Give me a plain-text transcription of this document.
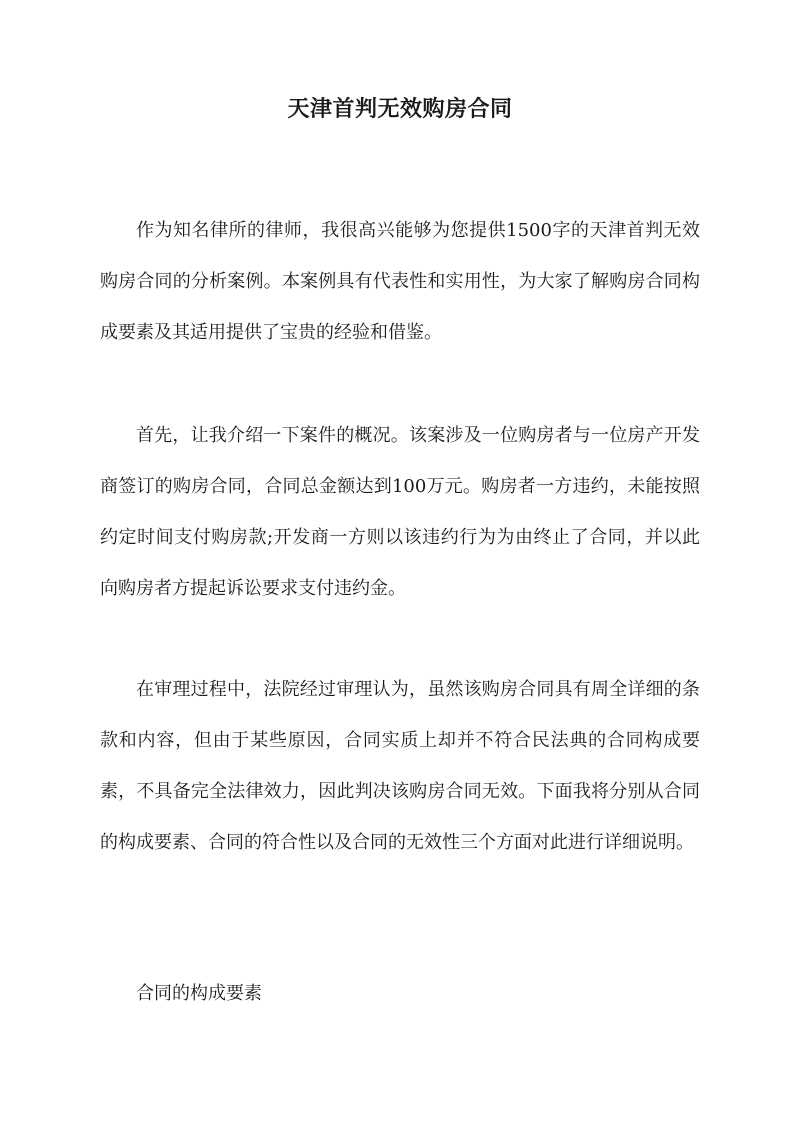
天津首判无效购房合同

作为知名律所的律师，我很高兴能够为您提供1500字的天津首判无效购房合同的分析案例。本案例具有代表性和实用性，为大家了解购房合同构成要素及其适用提供了宝贵的经验和借鉴。

首先，让我介绍一下案件的概况。该案涉及一位购房者与一位房产开发商签订的购房合同，合同总金额达到100万元。购房者一方违约，未能按照约定时间支付购房款;开发商一方则以该违约行为为由终止了合同，并以此向购房者方提起诉讼要求支付违约金。

在审理过程中，法院经过审理认为，虽然该购房合同具有周全详细的条款和内容，但由于某些原因，合同实质上却并不符合民法典的合同构成要素，不具备完全法律效力，因此判决该购房合同无效。下面我将分别从合同的构成要素、合同的符合性以及合同的无效性三个方面对此进行详细说明。

合同的构成要素
